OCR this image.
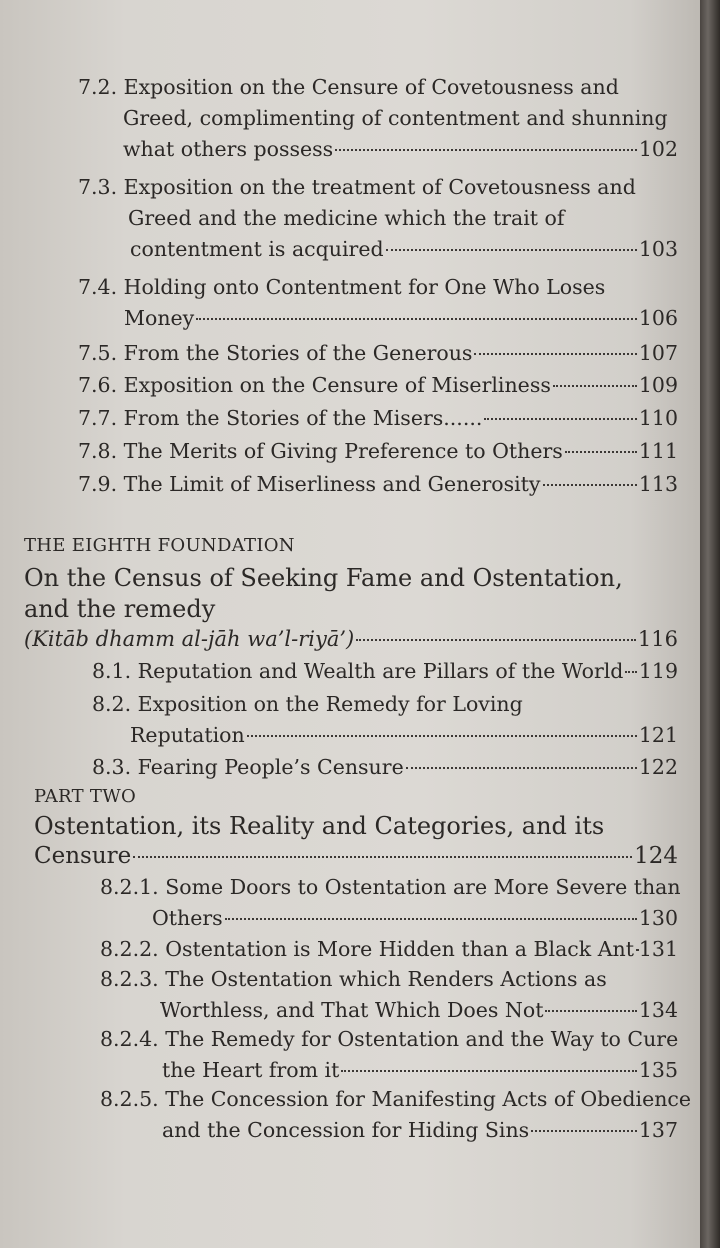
7.2.
Exposition on the Censure of Covetousness and
Greed, complimenting of contentment and shunning
what others possess	102
7.3.
Exposition on the treatment of Covetousness and
Greed and the medicine which the trait of
contentment is acquired	103
7.4.
Holding onto Contentment for One Who Loses
Money	106
7.5.
From the Stories of the Generous	107
7.6.
Exposition on the Censure of Miserliness	109
7.7.
From the Stories of the Misers......	110
7.8.
The Merits of Giving Preference to Others	111
7.9.
The Limit of Miserliness and Generosity	113
THE EIGHTH FOUNDATION
On the Census of Seeking Fame and Ostentation,
and the remedy
(Kitāb dhamm al-jāh wa’l-riyā’)	116
8.1.
Reputation and Wealth are Pillars of the World 119
8.2.
Exposition on the Remedy for Loving
Reputation	121
8.3.
Fearing People’s Censure	122
PART TWO
Ostentation, its Reality and Categories, and its
Censure	124
8.2.1.
Some Doors to Ostentation are More Severe than
Others	130
8.2.2.
Ostentation is More Hidden than a Black Ant 131
8.2.3.
The Ostentation which Renders Actions as
Worthless, and That Which Does Not	134
8.2.4.
The Remedy for Ostentation and the Way to Cure
the Heart from it	135
8.2.5.
The Concession for Manifesting Acts of Obedience
and the Concession for Hiding Sins	137
